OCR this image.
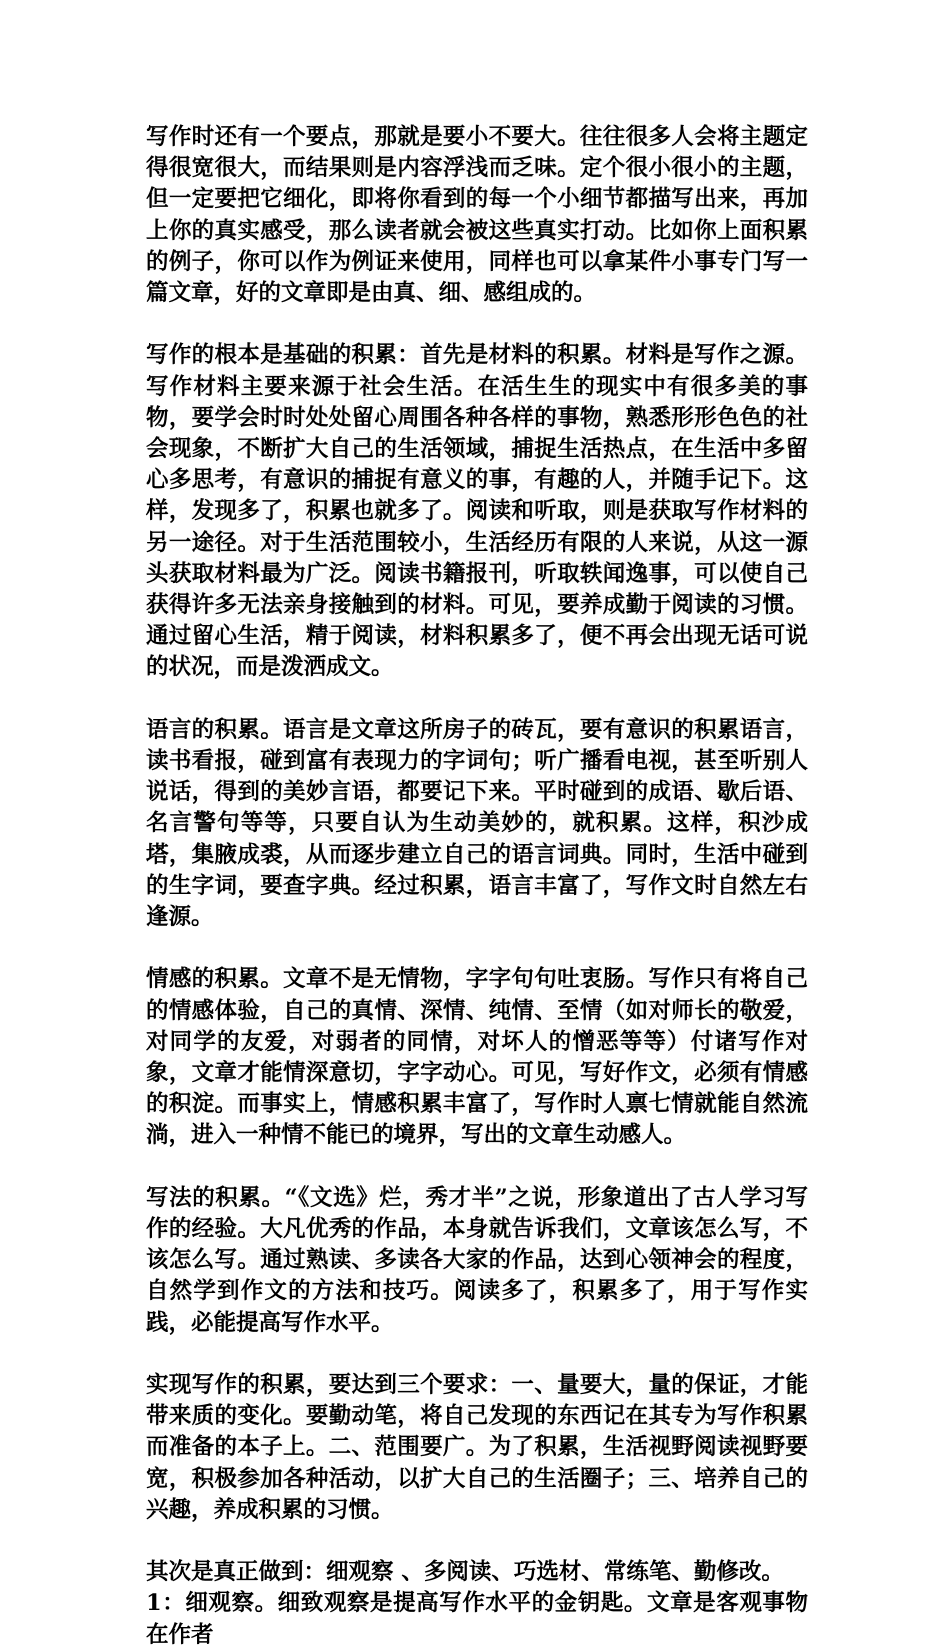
写作时还有一个要点，那就是要小不要大。往往很多人会将主题定得很宽很大，而结果则是内容浮浅而乏味。定个很小很小的主题，但一定要把它细化，即将你看到的每一个小细节都描写出来，再加上你的真实感受，那么读者就会被这些真实打动。比如你上面积累的例子，你可以作为例证来使用，同样也可以拿某件小事专门写一篇文章，好的文章即是由真、细、感组成的。

写作的根本是基础的积累：首先是材料的积累。材料是写作之源。写作材料主要来源于社会生活。在活生生的现实中有很多美的事物，要学会时时处处留心周围各种各样的事物，熟悉形形色色的社会现象，不断扩大自己的生活领域，捕捉生活热点，在生活中多留心多思考，有意识的捕捉有意义的事，有趣的人，并随手记下。这样，发现多了，积累也就多了。阅读和听取，则是获取写作材料的另一途径。对于生活范围较小，生活经历有限的人来说，从这一源头获取材料最为广泛。阅读书籍报刊，听取轶闻逸事，可以使自己获得许多无法亲身接触到的材料。可见，要养成勤于阅读的习惯。通过留心生活，精于阅读，材料积累多了，便不再会出现无话可说的状况，而是泼洒成文。

语言的积累。语言是文章这所房子的砖瓦，要有意识的积累语言，读书看报，碰到富有表现力的字词句；听广播看电视，甚至听别人说话，得到的美妙言语，都要记下来。平时碰到的成语、歇后语、名言警句等等，只要自认为生动美妙的，就积累。这样，积沙成塔，集腋成裘，从而逐步建立自己的语言词典。同时，生活中碰到的生字词，要查字典。经过积累，语言丰富了，写作文时自然左右逢源。

情感的积累。文章不是无情物，字字句句吐衷肠。写作只有将自己的情感体验，自己的真情、深情、纯情、至情（如对师长的敬爱，对同学的友爱，对弱者的同情，对坏人的憎恶等等）付诸写作对象，文章才能情深意切，字字动心。可见，写好作文，必须有情感的积淀。而事实上，情感积累丰富了，写作时人禀七情就能自然流淌，进入一种情不能已的境界，写出的文章生动感人。

写法的积累。“《文选》烂，秀才半”之说，形象道出了古人学习写作的经验。大凡优秀的作品，本身就告诉我们，文章该怎么写，不该怎么写。通过熟读、多读各大家的作品，达到心领神会的程度，自然学到作文的方法和技巧。阅读多了，积累多了，用于写作实践，必能提高写作水平。

实现写作的积累，要达到三个要求：一、量要大，量的保证，才能带来质的变化。要勤动笔，将自己发现的东西记在其专为写作积累而准备的本子上。二、范围要广。为了积累，生活视野阅读视野要宽，积极参加各种活动，以扩大自己的生活圈子；三、培养自己的兴趣，养成积累的习惯。

其次是真正做到：细观察 、多阅读、巧选材、常练笔、勤修改。

1：细观察。细致观察是提高写作水平的金钥匙。文章是客观事物在作者
